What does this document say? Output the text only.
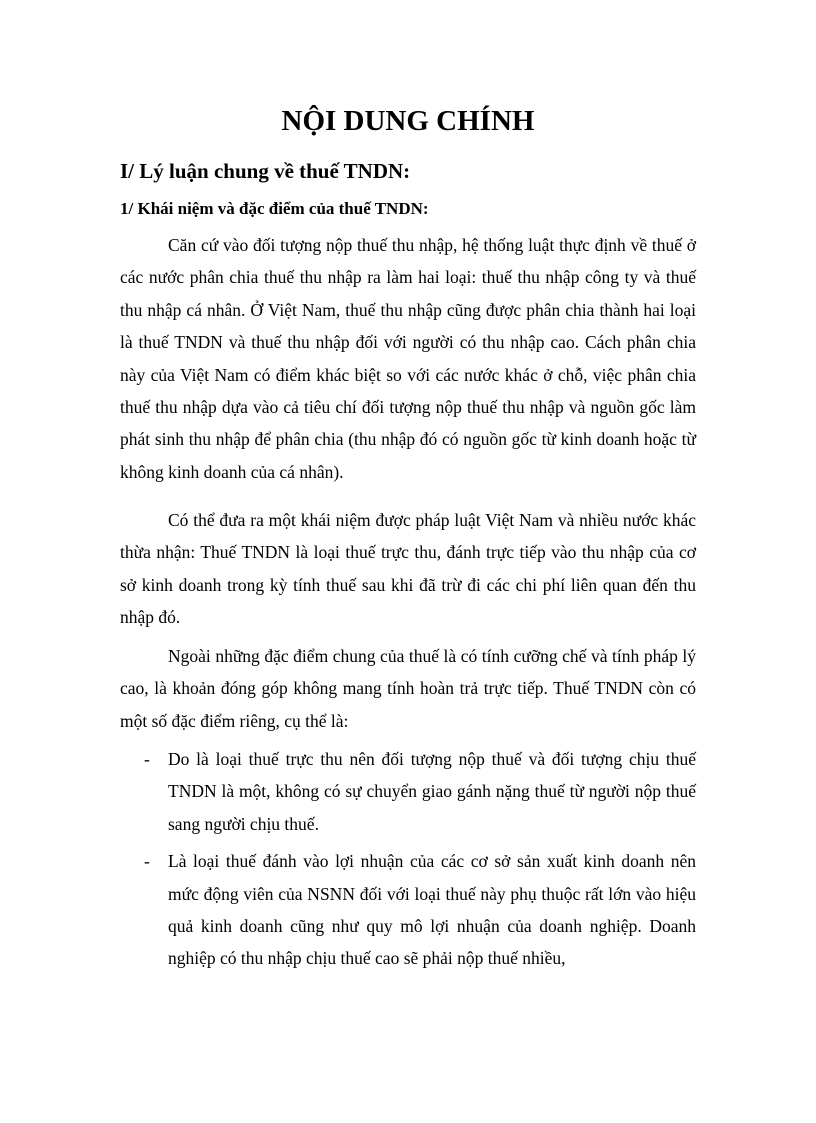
NỘI DUNG CHÍNH
I/ Lý luận chung về thuế TNDN:
1/ Khái niệm và đặc điểm của thuế TNDN:

Căn cứ vào đối tượng nộp thuế thu nhập, hệ thống luật thực định về thuế ở các nước phân chia thuế thu nhập ra làm hai loại: thuế thu nhập công ty và thuế thu nhập cá nhân. Ở Việt Nam, thuế thu nhập cũng được phân chia thành hai loại là thuế TNDN và thuế thu nhập đối với người có thu nhập cao. Cách phân chia này của Việt Nam có điểm khác biệt so với các nước khác ở chỗ, việc phân chia thuế thu nhập dựa vào cả tiêu chí đối tượng nộp thuế thu nhập và nguồn gốc làm phát sinh thu nhập để phân chia (thu nhập đó có nguồn gốc từ kinh doanh hoặc từ không kinh doanh của cá nhân).

Có thể đưa ra một khái niệm được pháp luật Việt Nam và nhiều nước khác thừa nhận: Thuế TNDN là loại thuế trực thu, đánh trực tiếp vào thu nhập của cơ sở kinh doanh trong kỳ tính thuế sau khi đã trừ đi các chi phí liên quan đến thu nhập đó.

Ngoài những đặc điểm chung của thuế là có tính cưỡng chế và tính pháp lý cao, là khoản đóng góp không mang tính hoàn trả trực tiếp. Thuế TNDN còn có một số đặc điểm riêng, cụ thể là:

- Do là loại thuế trực thu nên đối tượng nộp thuế và đối tượng chịu thuế TNDN là một, không có sự chuyển giao gánh nặng thuế từ người nộp thuế sang người chịu thuế.
- Là loại thuế đánh vào lợi nhuận của các cơ sở sản xuất kinh doanh nên mức động viên của NSNN đối với loại thuế này phụ thuộc rất lớn vào hiệu quả kinh doanh cũng như quy mô lợi nhuận của doanh nghiệp. Doanh nghiệp có thu nhập chịu thuế cao sẽ phải nộp thuế nhiều,
